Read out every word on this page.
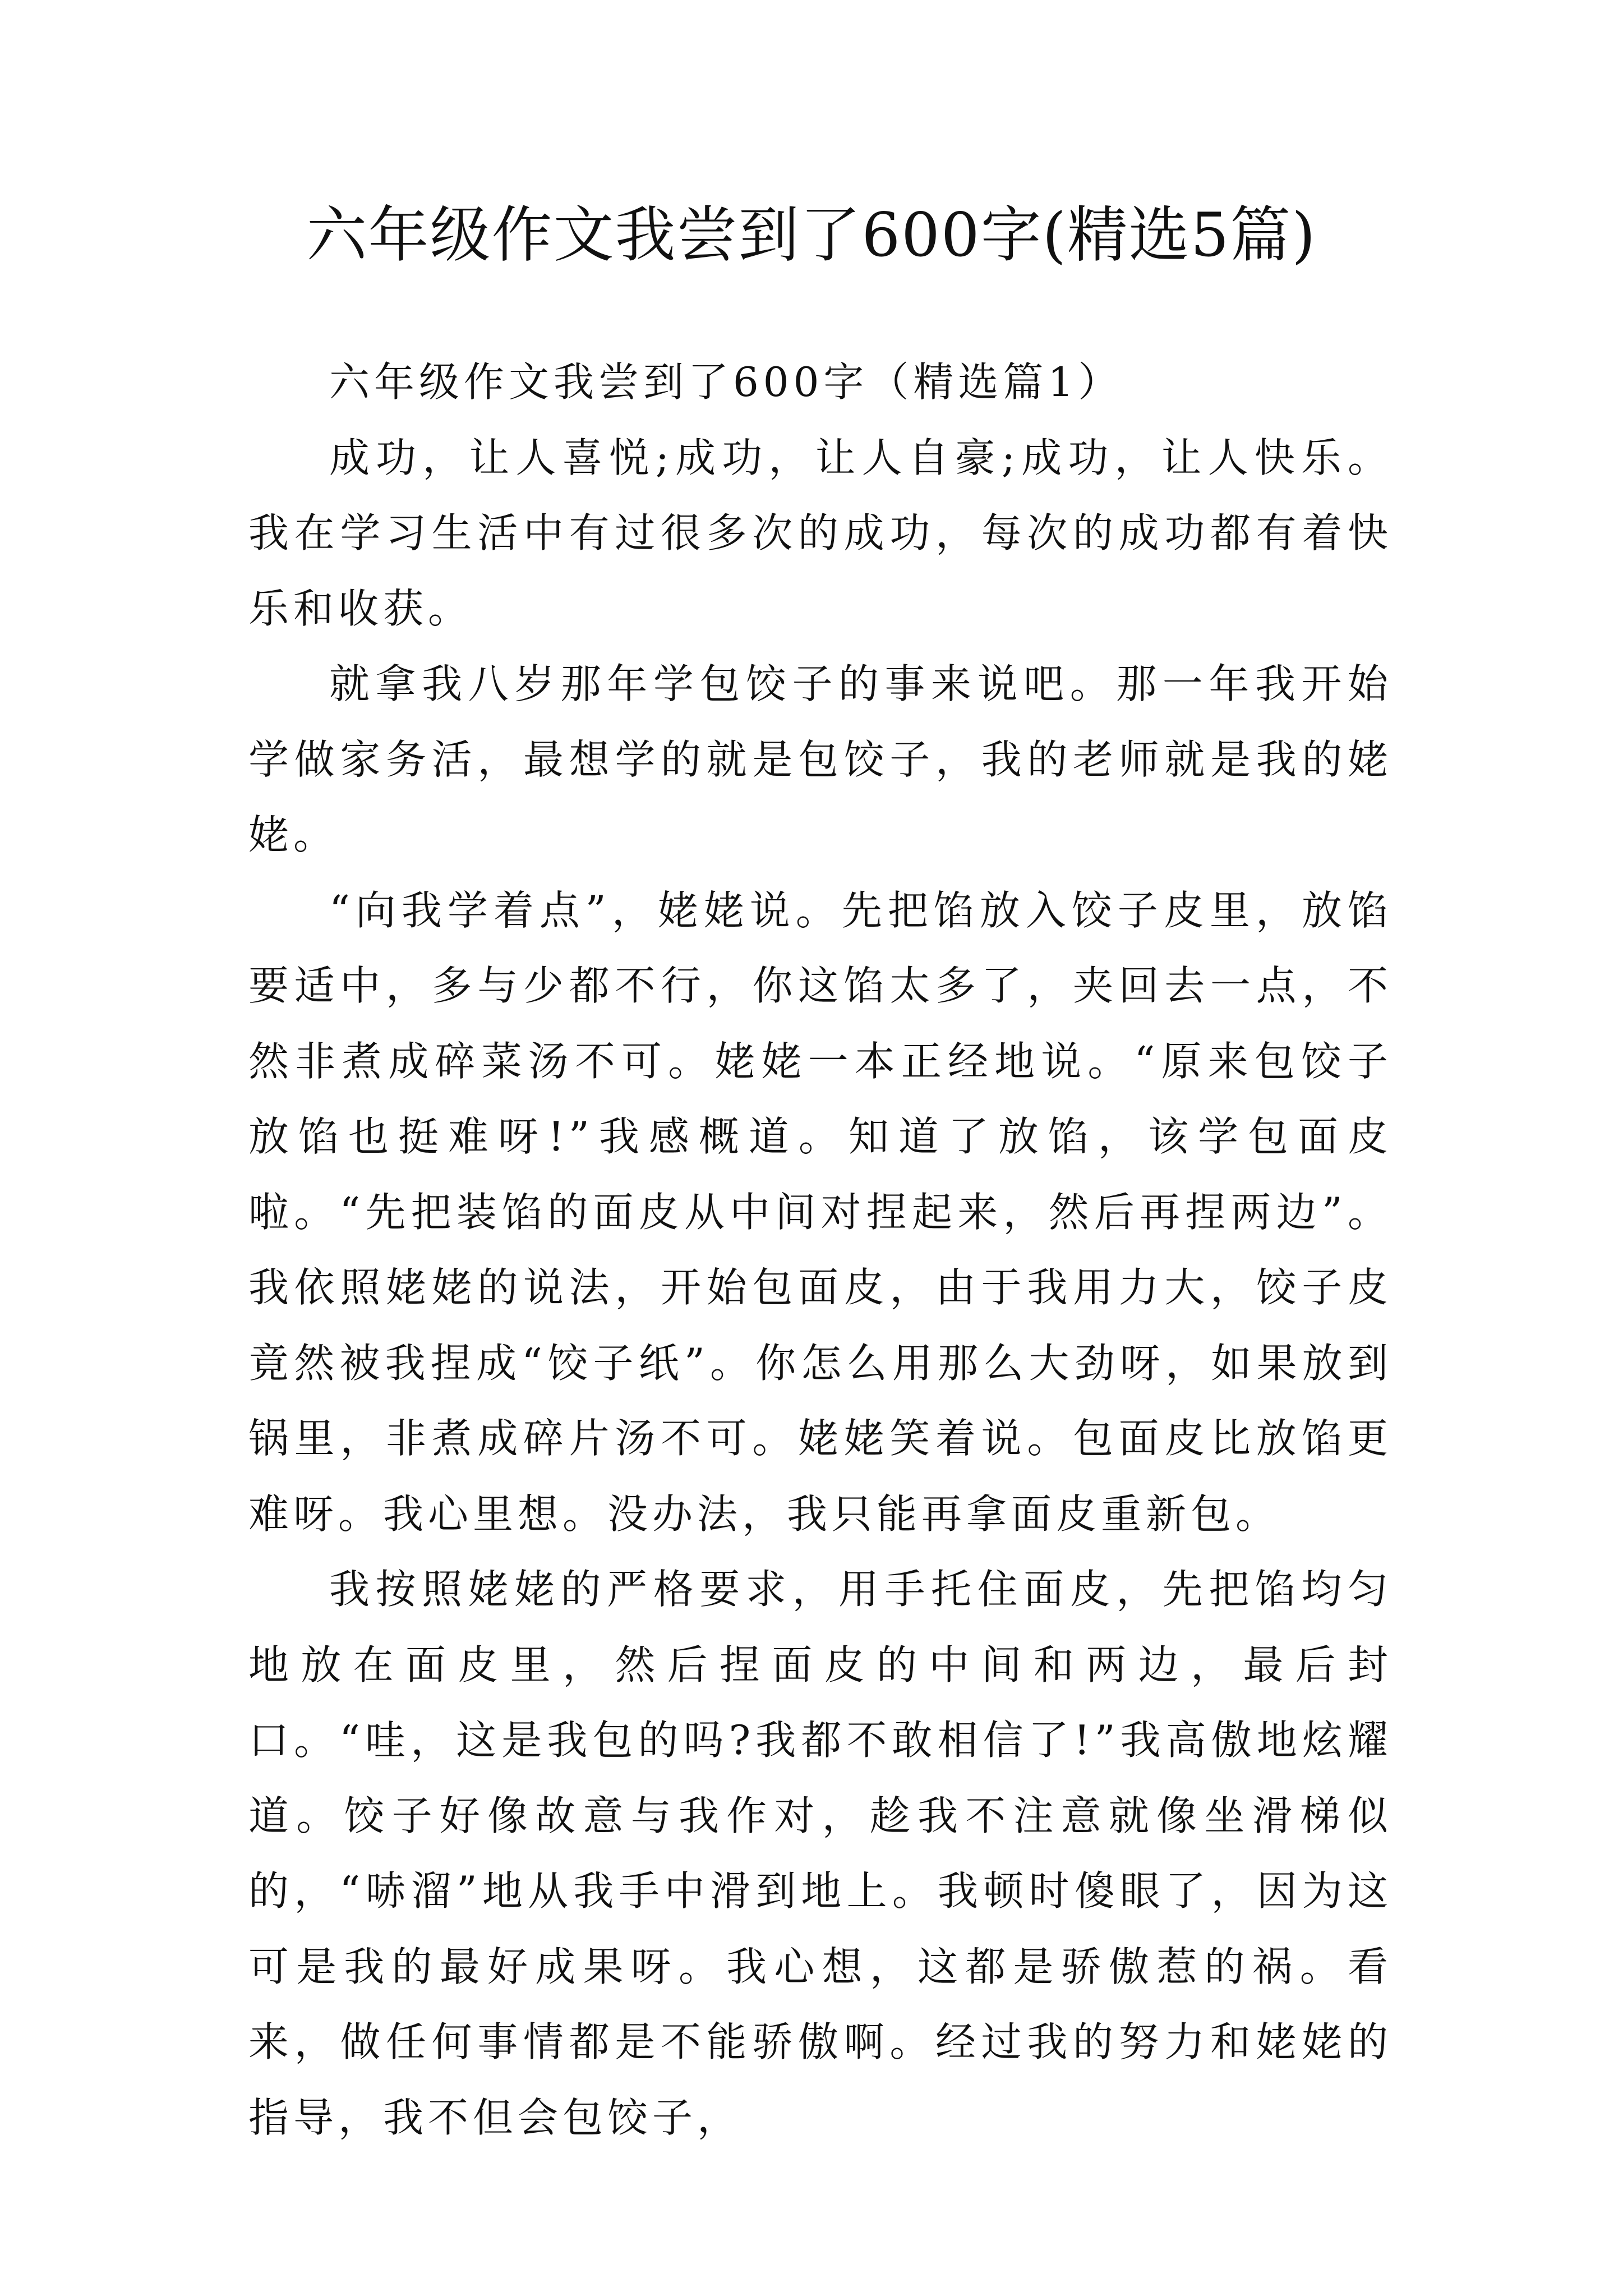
六年级作文我尝到了600字(精选5篇)

六年级作文我尝到了600字（精选篇1）

成功，让人喜悦;成功，让人自豪;成功，让人快乐。我在学习生活中有过很多次的成功，每次的成功都有着快乐和收获。

就拿我八岁那年学包饺子的事来说吧。那一年我开始学做家务活，最想学的就是包饺子，我的老师就是我的姥姥。

“向我学着点”，姥姥说。先把馅放入饺子皮里，放馅要适中，多与少都不行，你这馅太多了，夹回去一点，不然非煮成碎菜汤不可。姥姥一本正经地说。“原来包饺子放馅也挺难呀!”我感概道。知道了放馅，该学包面皮啦。“先把装馅的面皮从中间对捏起来，然后再捏两边”。我依照姥姥的说法，开始包面皮，由于我用力大，饺子皮竟然被我捏成“饺子纸”。你怎么用那么大劲呀，如果放到锅里，非煮成碎片汤不可。姥姥笑着说。包面皮比放馅更难呀。我心里想。没办法，我只能再拿面皮重新包。

我按照姥姥的严格要求，用手托住面皮，先把馅均匀地放在面皮里，然后捏面皮的中间和两边，最后封口。“哇，这是我包的吗?我都不敢相信了!”我高傲地炫耀道。饺子好像故意与我作对，趁我不注意就像坐滑梯似的，“哧溜”地从我手中滑到地上。我顿时傻眼了，因为这可是我的最好成果呀。我心想，这都是骄傲惹的祸。看来，做任何事情都是不能骄傲啊。经过我的努力和姥姥的指导，我不但会包饺子，
